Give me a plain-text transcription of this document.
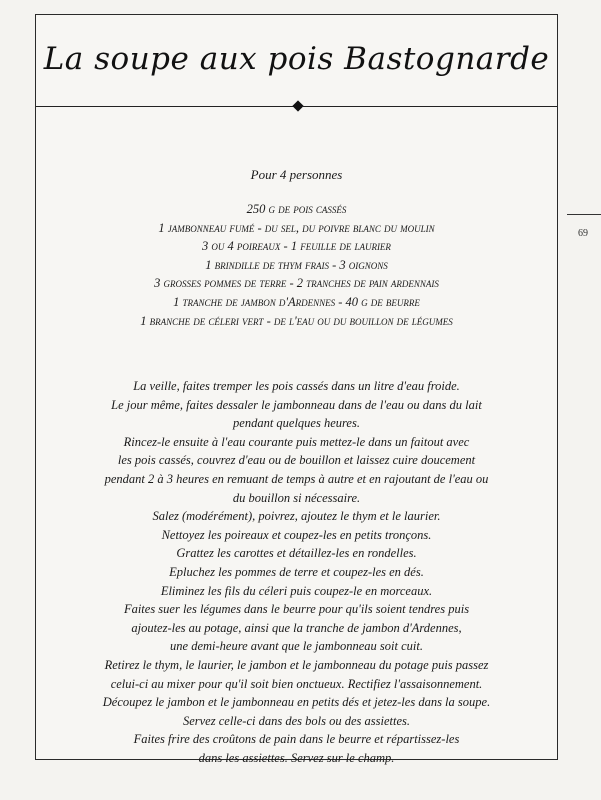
La soupe aux pois Bastognarde
Pour 4 personnes
250 g de pois cassés
1 jambonneau fumé - du sel, du poivre blanc du moulin
3 ou 4 poireaux - 1 feuille de laurier
1 brindille de thym frais - 3 oignons
3 grosses pommes de terre - 2 tranches de pain ardennais
1 tranche de jambon d'Ardennes - 40 g de beurre
1 branche de céleri vert - de l'eau ou du bouillon de légumes
La veille, faites tremper les pois cassés dans un litre d'eau froide.
Le jour même, faites dessaler le jambonneau dans de l'eau ou dans du lait
pendant quelques heures.
Rincez-le ensuite à l'eau courante puis mettez-le dans un faitout avec
les pois cassés, couvrez d'eau ou de bouillon et laissez cuire doucement
pendant 2 à 3 heures en remuant de temps à autre et en rajoutant de l'eau ou
du bouillon si nécessaire.
Salez (modérément), poivrez, ajoutez le thym et le laurier.
Nettoyez les poireaux et coupez-les en petits tronçons.
Grattez les carottes et détaillez-les en rondelles.
Epluchez les pommes de terre et coupez-les en dés.
Eliminez les fils du céleri puis coupez-le en morceaux.
Faites suer les légumes dans le beurre pour qu'ils soient tendres puis
ajoutez-les au potage, ainsi que la tranche de jambon d'Ardennes,
une demi-heure avant que le jambonneau soit cuit.
Retirez le thym, le laurier, le jambon et le jambonneau du potage puis passez
celui-ci au mixer pour qu'il soit bien onctueux. Rectifiez l'assaisonnement.
Découpez le jambon et le jambonneau en petits dés et jetez-les dans la soupe.
Servez celle-ci dans des bols ou des assiettes.
Faites frire des croûtons de pain dans le beurre et répartissez-les
dans les assiettes. Servez sur le champ.
69
